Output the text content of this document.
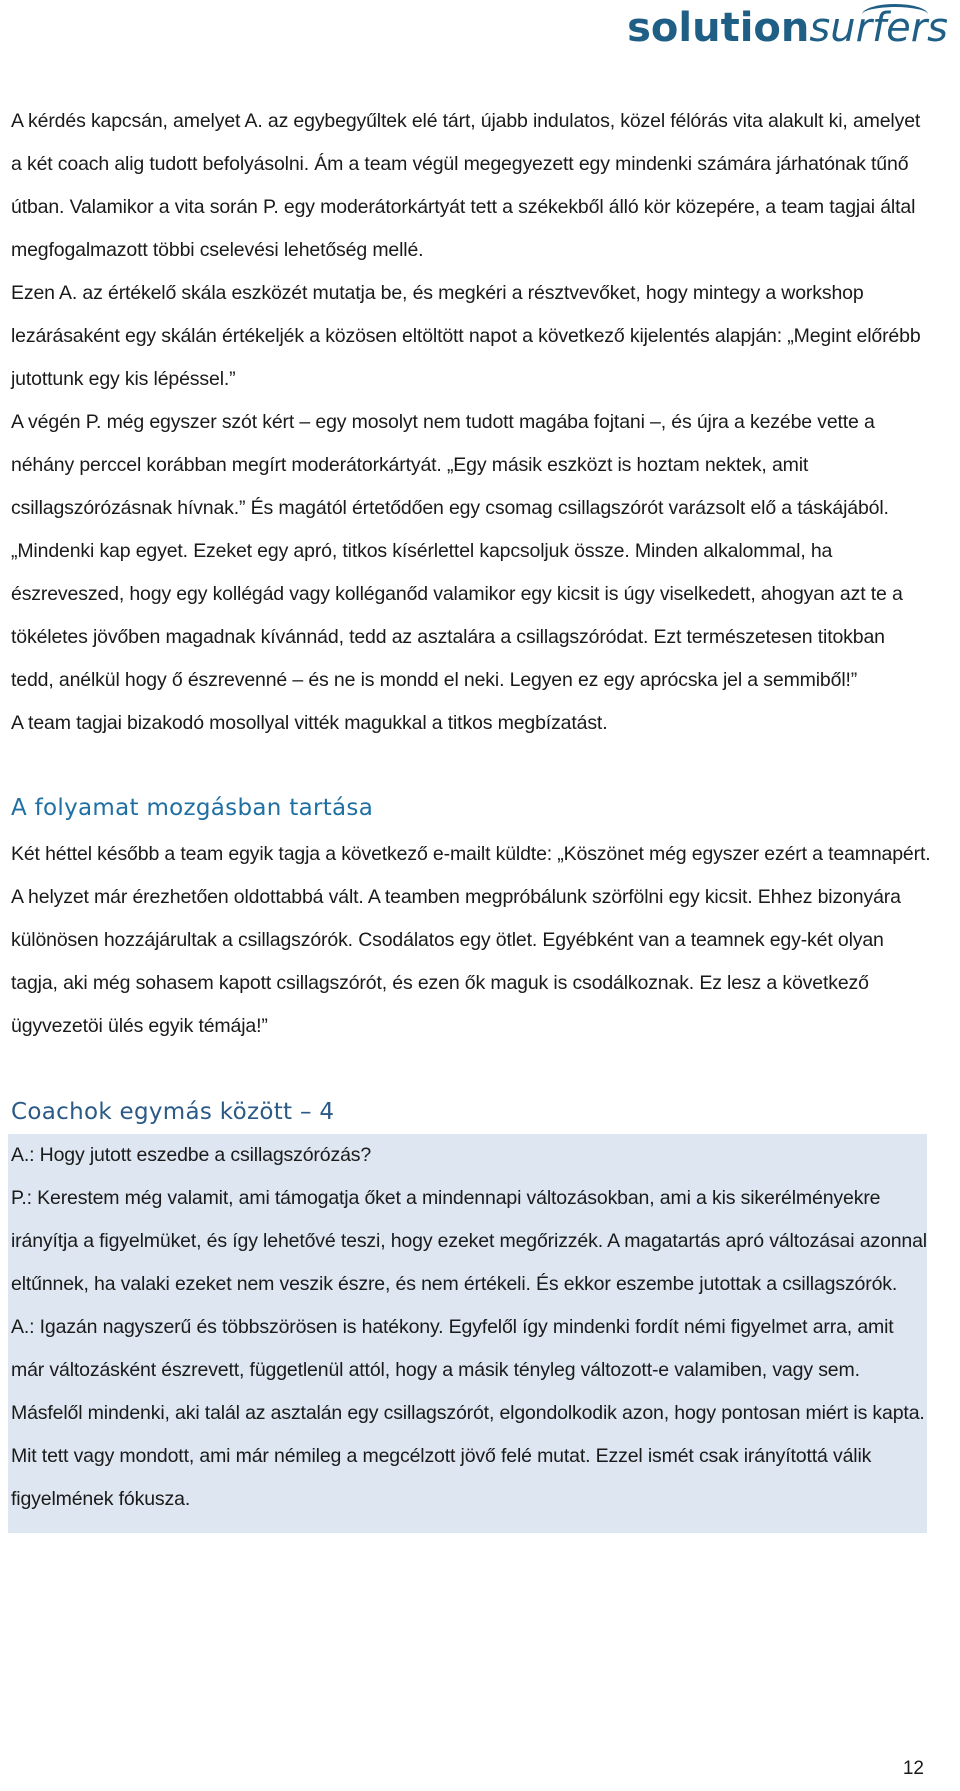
solution surfers

A kérdés kapcsán, amelyet A. az egybegyűltek elé tárt, újabb indulatos, közel félórás vita alakult ki, amelyet a két coach alig tudott befolyásolni. Ám a team végül megegyezett egy mindenki számára járhatónak tűnő útban. Valamikor a vita során P. egy moderátorkártyát tett a székekből álló kör közepére, a team tagjai által megfogalmazott többi cselevési lehetőség mellé.

Ezen A. az értékelő skála eszközét mutatja be, és megkéri a résztvevőket, hogy mintegy a workshop lezárásaként egy skálán értékeljék a közösen eltöltött napot a következő kijelentés alapján: „Megint előrébb jutottunk egy kis lépéssel.”

A végén P. még egyszer szót kért – egy mosolyt nem tudott magába fojtani –, és újra a kezébe vette a néhány perccel korábban megírt moderátorkártyát. „Egy másik eszközt is hoztam nektek, amit csillagszórózásnak hívnak.” És magától értetődően egy csomag csillagszórót varázsolt elő a táskájából. „Mindenki kap egyet. Ezeket egy apró, titkos kísérlettel kapcsoljuk össze. Minden alkalommal, ha észreveszed, hogy egy kollégád vagy kolléganőd valamikor egy kicsit is úgy viselkedett, ahogyan azt te a tökéletes jövőben magadnak kívánnád, tedd az asztalára a csillagszóródat. Ezt természetesen titokban tedd, anélkül hogy ő észrevenné – és ne is mondd el neki. Legyen ez egy aprócska jel a semmiből!”

A team tagjai bizakodó mosollyal vitték magukkal a titkos megbízatást.

A folyamat mozgásban tartása

Két héttel később a team egyik tagja a következő e-mailt küldte: „Köszönet még egyszer ezért a teamnapért. A helyzet már érezhetően oldottabbá vált. A teamben megpróbálunk szörfölni egy kicsit. Ehhez bizonyára különösen hozzájárultak a csillagszórók. Csodálatos egy ötlet. Egyébként van a teamnek egy-két olyan tagja, aki még sohasem kapott csillagszórót, és ezen ők maguk is csodálkoznak. Ez lesz a következő ügyvezetöi ülés egyik témája!”

Coachok egymás között – 4

A.: Hogy jutott eszedbe a csillagszórózás?

P.: Kerestem még valamit, ami támogatja őket a mindennapi változásokban, ami a kis sikerélményekre irányítja a figyelmüket, és így lehetővé teszi, hogy ezeket megőrizzék. A magatartás apró változásai azonnal eltűnnek, ha valaki ezeket nem veszik észre, és nem értékeli. És ekkor eszembe jutottak a csillagszórók.

A.: Igazán nagyszerű és többszörösen is hatékony. Egyfelől így mindenki fordít némi figyelmet arra, amit már változásként észrevett, függetlenül attól, hogy a másik tényleg változott-e valamiben, vagy sem. Másfelől mindenki, aki talál az asztalán egy csillagszórót, elgondolkodik azon, hogy pontosan miért is kapta. Mit tett vagy mondott, ami már némileg a megcélzott jövő felé mutat. Ezzel ismét csak irányítottá válik figyelmének fókusza.

12
